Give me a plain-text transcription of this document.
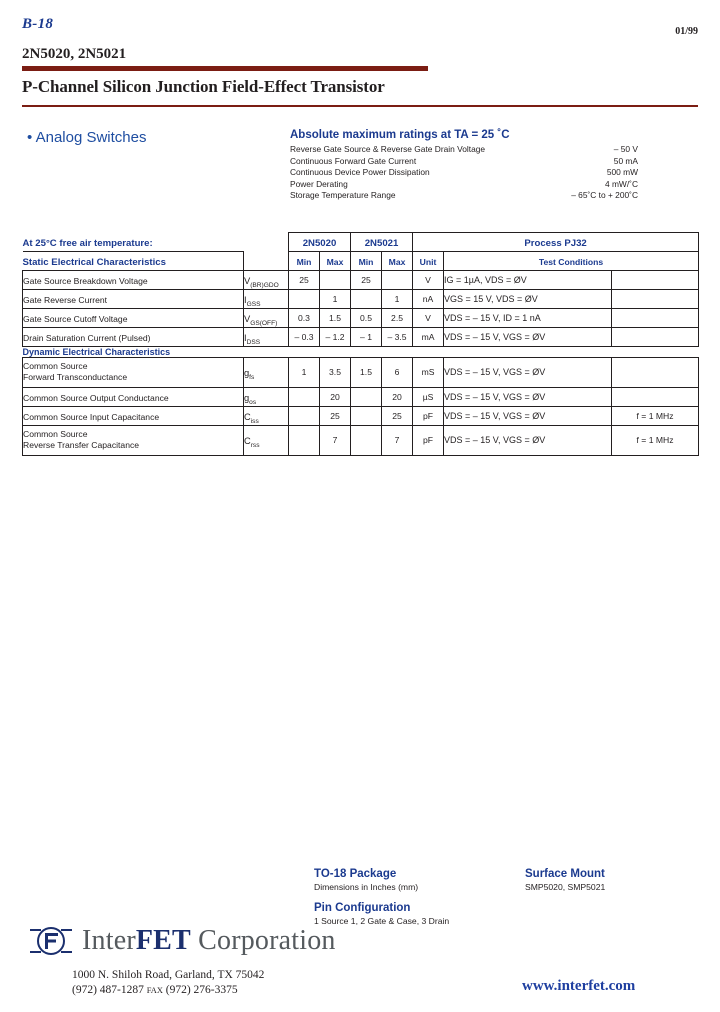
B-18	01/99
2N5020, 2N5021
P-Channel Silicon Junction Field-Effect Transistor
• Analog Switches	Absolute maximum ratings at TA = 25 ˚C
Reverse Gate Source & Reverse Gate Drain Voltage	– 50 V
Continuous Forward Gate Current	50 mA
Continuous Device Power Dissipation	500 mW
Power Derating	4 mW/˚C
Storage Temperature Range	– 65˚C to + 200˚C
At 25°C free air temperature:		2N5020		2N5021		Process PJ32		
Static Electrical Characteristics		Min	Max	Min	Max	Unit	Test Conditions	
Gate Source Breakdown Voltage	$V_{(BR)GDO}$	25		25		V	IG = 1µA, VDS = ØV	
Gate Reverse Current	$I_{GSS}$		1		1	nA	VGS = 15 V, VDS = ØV	
Gate Source Cutoff Voltage	$V_{GS(OFF)}$	0.3	1.5	0.5	2.5	V	VDS = – 15 V, ID = 1 nA	
Drain Saturation Current (Pulsed)	$I_{DSS}$	– 0.3	– 1.2	– 1	– 3.5	mA	VDS = – 15 V, VGS = ØV	
Dynamic Electrical Characteristics								

Common Source
Forward Transconductance	$g_{fs}$	1	3.5	1.5	6	mS	VDS = – 15 V, VGS = ØV	
Common Source Output Conductance	$g_{os}$		20		20	µS	VDS = – 15 V, VGS = ØV	
Common Source Input Capacitance	$C_{iss}$		25		25	pF	VDS = – 15 V, VGS = ØV	f = 1 MHz

Common Source
Reverse Transfer Capacitance	$C_{rss}$		7		7	pF	VDS = – 15 V, VGS = ØV	f = 1 MHz
TO-18 Package
Dimensions in Inches (mm)
Pin Configuration
1 Source 1, 2 Gate & Case, 3 Drain
Surface Mount
SMP5020, SMP5021
InterFET Corporation
1000 N. Shiloh Road, Garland, TX 75042
(972) 487-1287 FAX (972) 276-3375	www.interfet.com
